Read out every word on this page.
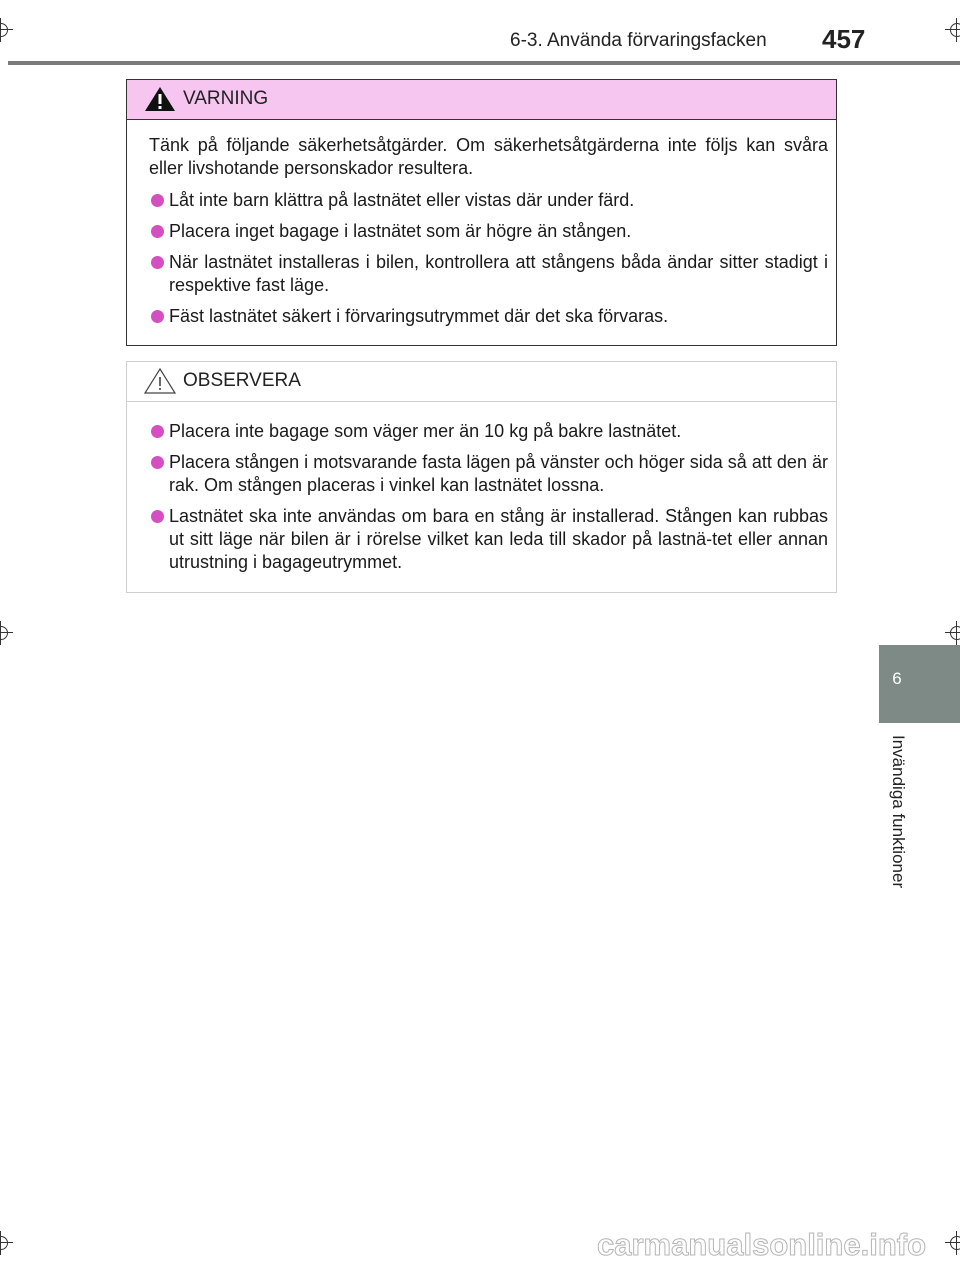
6-3. Använda förvaringsfacken 457
6
Invändiga funktioner
VARNING

Tänk på följande säkerhetsåtgärder. Om säkerhetsåtgärderna inte följs kan svåra eller livshotande personskador resultera.

Låt inte barn klättra på lastnätet eller vistas där under färd.
Placera inget bagage i lastnätet som är högre än stången.
När lastnätet installeras i bilen, kontrollera att stångens båda ändar sitter stadigt i respektive fast läge.
Fäst lastnätet säkert i förvaringsutrymmet där det ska förvaras.
OBSERVERA
Placera inte bagage som väger mer än 10 kg på bakre lastnätet.
Placera stången i motsvarande fasta lägen på vänster och höger sida så att den är rak. Om stången placeras i vinkel kan lastnätet lossna.
Lastnätet ska inte användas om bara en stång är installerad. Stången kan rubbas ut sitt läge när bilen är i rörelse vilket kan leda till skador på lastnä-tet eller annan utrustning i bagageutrymmet.
carmanualsonline.info
